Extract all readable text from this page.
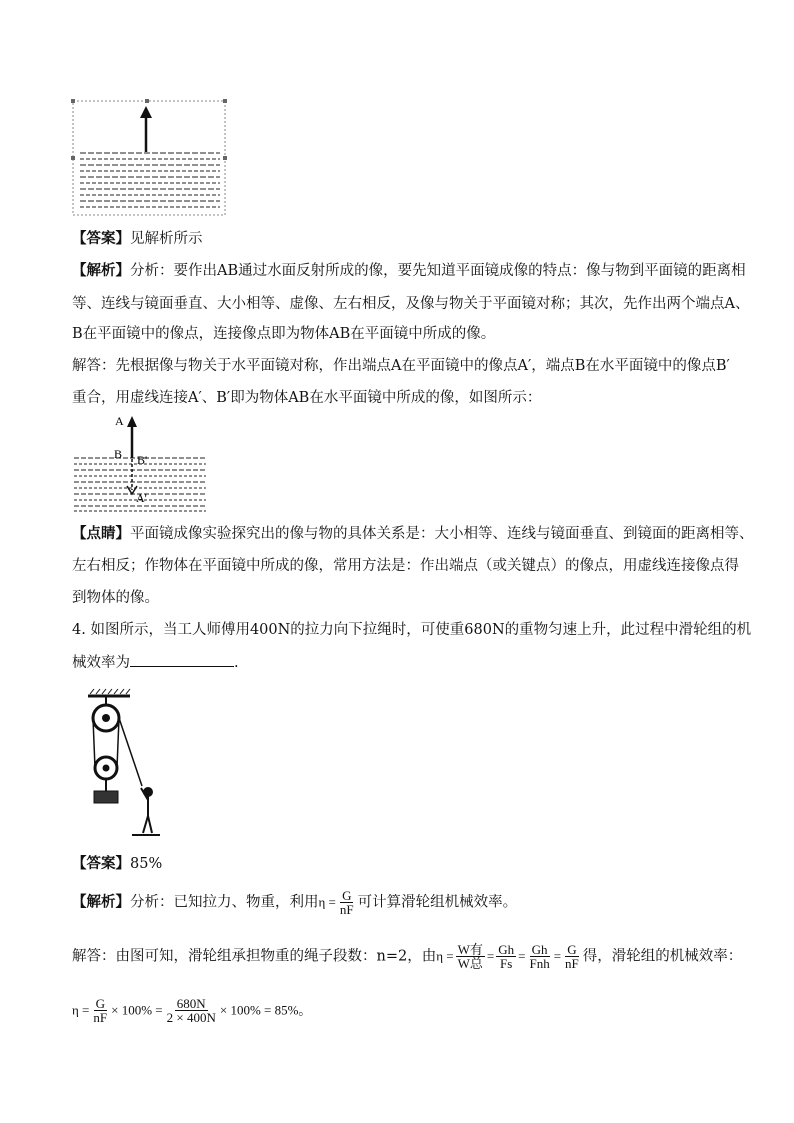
【答案】见解析所示
【解析】分析：要作出AB通过水面反射所成的像，要先知道平面镜成像的特点：像与物到平面镜的距离相
等、连线与镜面垂直、大小相等、虚像、左右相反，及像与物关于平面镜对称；其次，先作出两个端点A、
B在平面镜中的像点，连接像点即为物体AB在平面镜中所成的像。
解答：先根据像与物关于水平面镜对称，作出端点A在平面镜中的像点A′，端点B在水平面镜中的像点B′
重合，用虚线连接A′、B′即为物体AB在水平面镜中所成的像，如图所示：
A
B B'
A'
【点睛】平面镜成像实验探究出的像与物的具体关系是：大小相等、连线与镜面垂直、到镜面的距离相等、
左右相反；作物体在平面镜中所成的像，常用方法是：作出端点（或关键点）的像点，用虚线连接像点得
到物体的像。
4. 如图所示，当工人师傅用400N的拉力向下拉绳时，可使重680N的重物匀速上升，此过程中滑轮组的机
械效率为	.
【答案】85%
【解析】分析：已知拉力、物重，利用$\eta = \frac{G}{nF}$ 可计算滑轮组机械效率。
解答：由图可知，滑轮组承担物重的绳子段数：n=2，由$\eta = \frac{\text{W有}}{\text{W总}} = \frac{Gh}{Fs} = \frac{Gh}{\text{Fnh}} = \frac{G}{nF}$ 得，滑轮组的机械效率：
$\eta = \frac{G}{nF} \times 100\% = \frac{680N}{2 \times 400N} \times 100\% = 85\%$。
